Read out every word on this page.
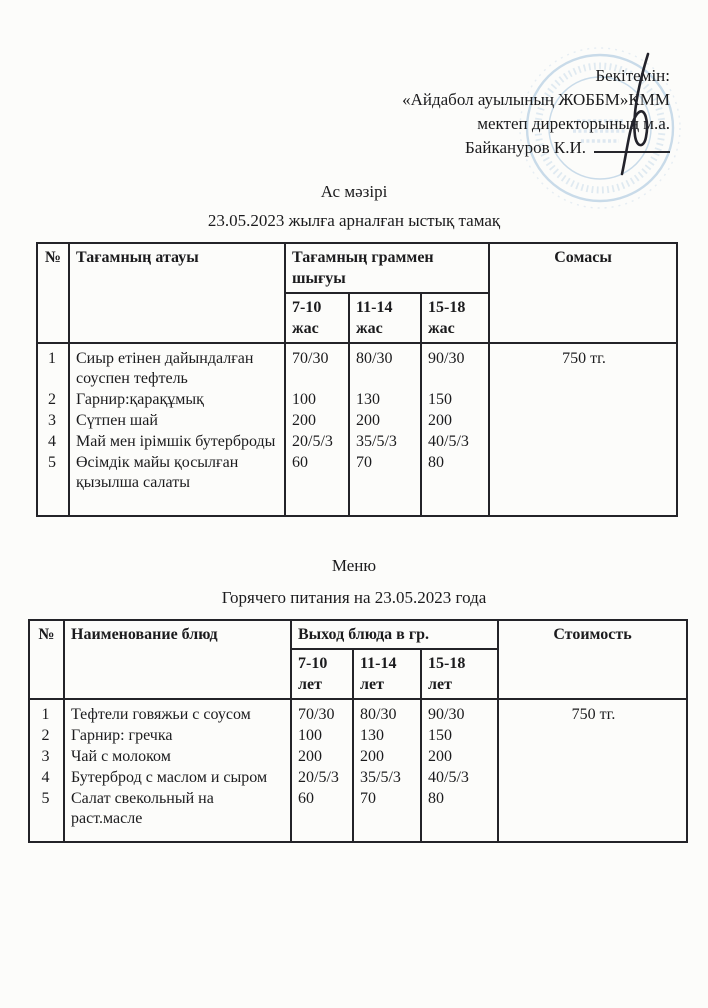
Бекітемін:
«Айдабол ауылының ЖОББМ»КММ
мектеп директорының м.а.
Байкануров К.И.
Ас мәзірі
23.05.2023 жылға арналған ыстық тамақ
№	Тағамның атауы	Тағамның граммен шығуы			Сомасы
		7-10 жас	11-14 жас	15-18 жас	
1	Сиыр етінен дайындалған соуспен тефтель	70/30	80/30	90/30	750 тг.
2	Гарнир:қарақұмық	100	130	150	
3	Сүтпен шай	200	200	200	
4	Май мен ірімшік бутерброды	20/5/3	35/5/3	40/5/3	
5	Өсімдік майы қосылған қызылша салаты	60	70	80	
Меню
Горячего питания на 23.05.2023 года
№	Наименование блюд	Выход блюда в гр.			Стоимость
		7-10 лет	11-14 лет	15-18 лет	
1	Тефтели говяжьи с соусом	70/30	80/30	90/30	750 тг.
2	Гарнир: гречка	100	130	150	
3	Чай с молоком	200	200	200	
4	Бутерброд с маслом и сыром	20/5/3	35/5/3	40/5/3	
5	Салат свекольный на раст.масле	60	70	80	
